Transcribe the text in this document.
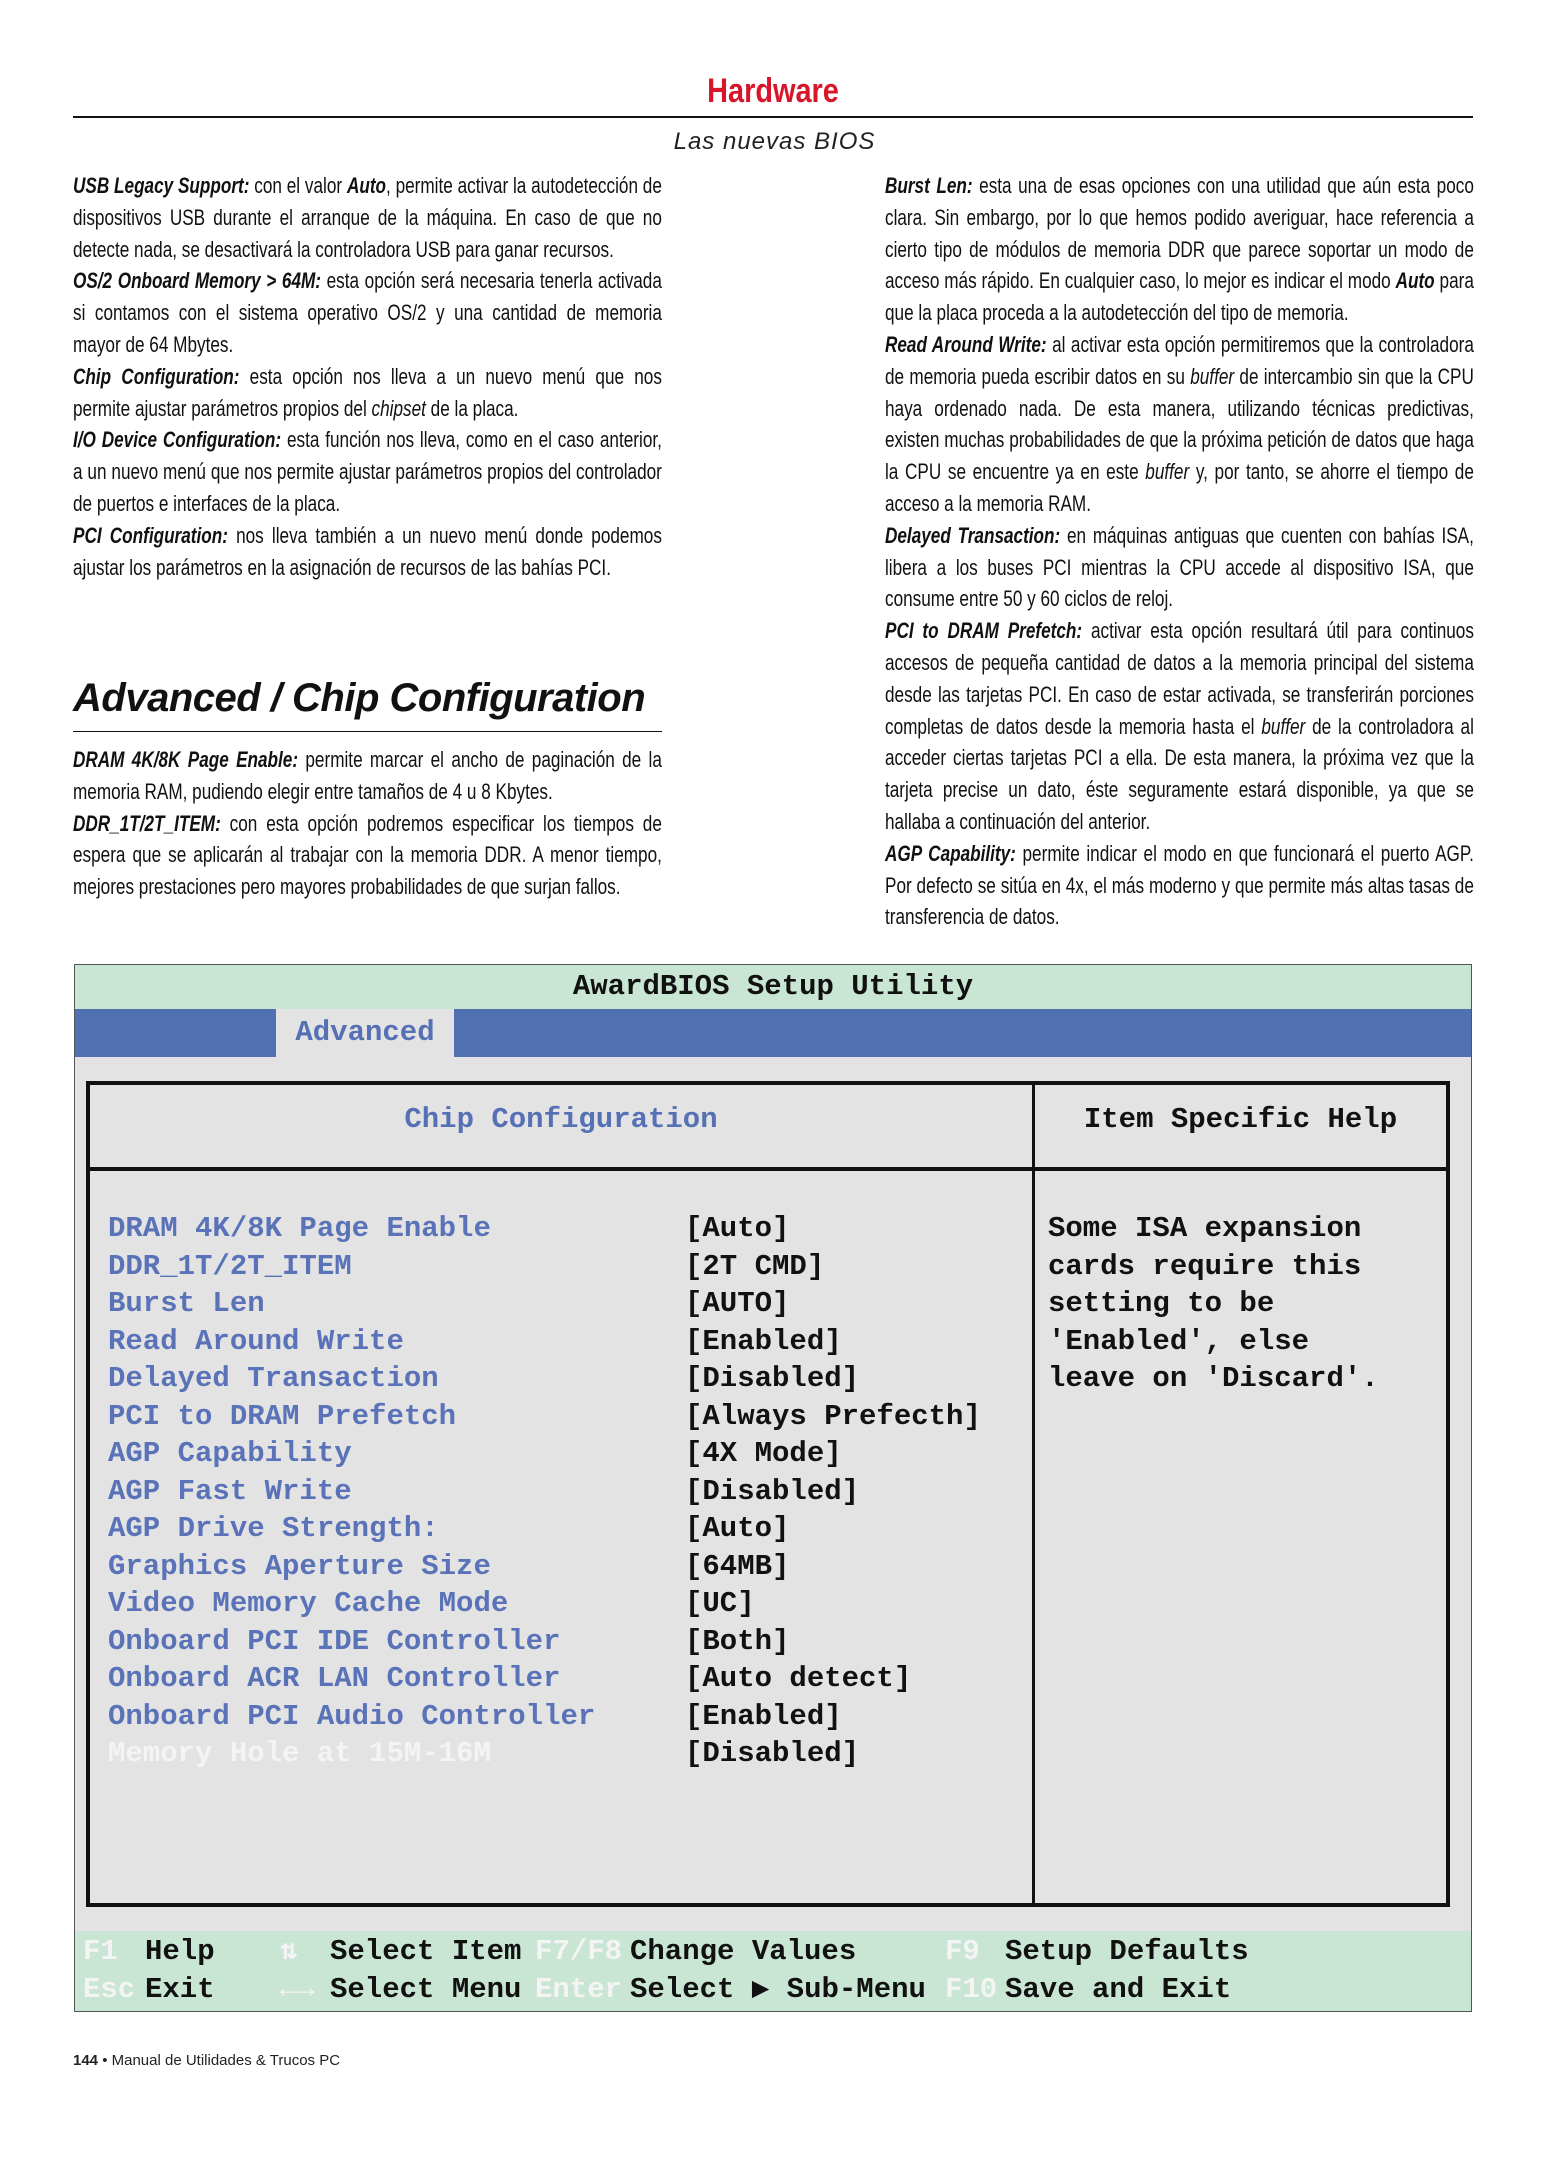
Hardware
Las nuevas BIOS

USB Legacy Support: con el valor Auto, permite activar la autodetección de dispositivos USB durante el arranque de la máquina. En caso de que no detecte nada, se desactivará la controladora USB para ganar recursos.

OS/2 Onboard Memory > 64M: esta opción será necesaria tenerla activada si contamos con el sistema operativo OS/2 y una cantidad de memoria mayor de 64 Mbytes.

Chip Configuration: esta opción nos lleva a un nuevo menú que nos permite ajustar parámetros propios del chipset de la placa.

I/O Device Configuration: esta función nos lleva, como en el caso anterior, a un nuevo menú que nos permite ajustar parámetros propios del controlador de puertos e interfaces de la placa.

PCI Configuration: nos lleva también a un nuevo menú donde podemos ajustar los parámetros en la asignación de recursos de las bahías PCI.

Advanced / Chip Configuration

DRAM 4K/8K Page Enable: permite marcar el ancho de paginación de la memoria RAM, pudiendo elegir entre tamaños de 4 u 8 Kbytes.

DDR_1T/2T_ITEM: con esta opción podremos especificar los tiempos de espera que se aplicarán al trabajar con la memoria DDR. A menor tiempo, mejores prestaciones pero mayores probabilidades de que surjan fallos.

Burst Len: esta una de esas opciones con una utilidad que aún esta poco clara. Sin embargo, por lo que hemos podido averiguar, hace referencia a cierto tipo de módulos de memoria DDR que parece soportar un modo de acceso más rápido. En cualquier caso, lo mejor es indicar el modo Auto para que la placa proceda a la autodetección del tipo de memoria.

Read Around Write: al activar esta opción permitiremos que la controladora de memoria pueda escribir datos en su buffer de intercambio sin que la CPU haya ordenado nada. De esta manera, utilizando técnicas predictivas, existen muchas probabilidades de que la próxima petición de datos que haga la CPU se encuentre ya en este buffer y, por tanto, se ahorre el tiempo de acceso a la memoria RAM.

Delayed Transaction: en máquinas antiguas que cuenten con bahías ISA, libera a los buses PCI mientras la CPU accede al dispositivo ISA, que consume entre 50 y 60 ciclos de reloj.

PCI to DRAM Prefetch: activar esta opción resultará útil para continuos accesos de pequeña cantidad de datos a la memoria principal del sistema desde las tarjetas PCI. En caso de estar activada, se transferirán porciones completas de datos desde la memoria hasta el buffer de la controladora al acceder ciertas tarjetas PCI a ella. De esta manera, la próxima vez que la tarjeta precise un dato, éste seguramente estará disponible, ya que se hallaba a continuación del anterior.

AGP Capability: permite indicar el modo en que funcionará el puerto AGP. Por defecto se sitúa en 4x, el más moderno y que permite más altas tasas de transferencia de datos.

AwardBIOS Setup Utility
Advanced
Chip Configuration	Item Specific Help
DRAM 4K/8K Page Enable	[Auto]
DDR_1T/2T_ITEM	[2T CMD]
Burst Len	[AUTO]
Read Around Write	[Enabled]
Delayed Transaction	[Disabled]
PCI to DRAM Prefetch	[Always Prefecth]
AGP Capability	[4X Mode]
AGP Fast Write	[Disabled]
AGP Drive Strength:	[Auto]
Graphics Aperture Size	[64MB]
Video Memory Cache Mode	[UC]
Onboard PCI IDE Controller	[Both]
Onboard ACR LAN Controller	[Auto detect]
Onboard PCI Audio Controller	[Enabled]
Memory Hole at 15M-16M	[Disabled]
Some ISA expansion
cards require this
setting to be
'Enabled', else
leave on 'Discard'.
F1 Help ⇅ Select Item F7/F8 Change Values	F9 Setup Defaults
Esc Exit ←→ Select Menu Enter Select ▶ Sub-Menu F10 Save and Exit
144 • Manual de Utilidades & Trucos PC
